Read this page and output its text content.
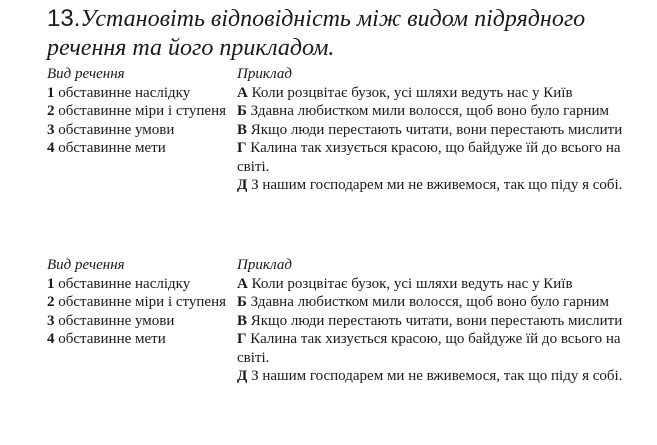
13.Установіть відповідність між видом підрядного речення та його прикладом.

Вид речення

1 обставинне наслідку

2 обставинне міри і ступеня

3 обставинне умови

4 обставинне мети

Приклад

А Коли розцвітає бузок, усі шляхи ведуть нас у Київ

Б Здавна любистком мили волосся, щоб воно було гарним

В Якщо люди перестають читати, вони перестають мислити

Г Калина так хизується красою, що байдуже їй до всього на світі.

Д З нашим господарем ми не вживемося, так що піду я собі.

Вид речення

1 обставинне наслідку

2 обставинне міри і ступеня

3 обставинне умови

4 обставинне мети

Приклад

А Коли розцвітає бузок, усі шляхи ведуть нас у Київ

Б Здавна любистком мили волосся, щоб воно було гарним

В Якщо люди перестають читати, вони перестають мислити

Г Калина так хизується красою, що байдуже їй до всього на світі.

Д З нашим господарем ми не вживемося, так що піду я собі.
